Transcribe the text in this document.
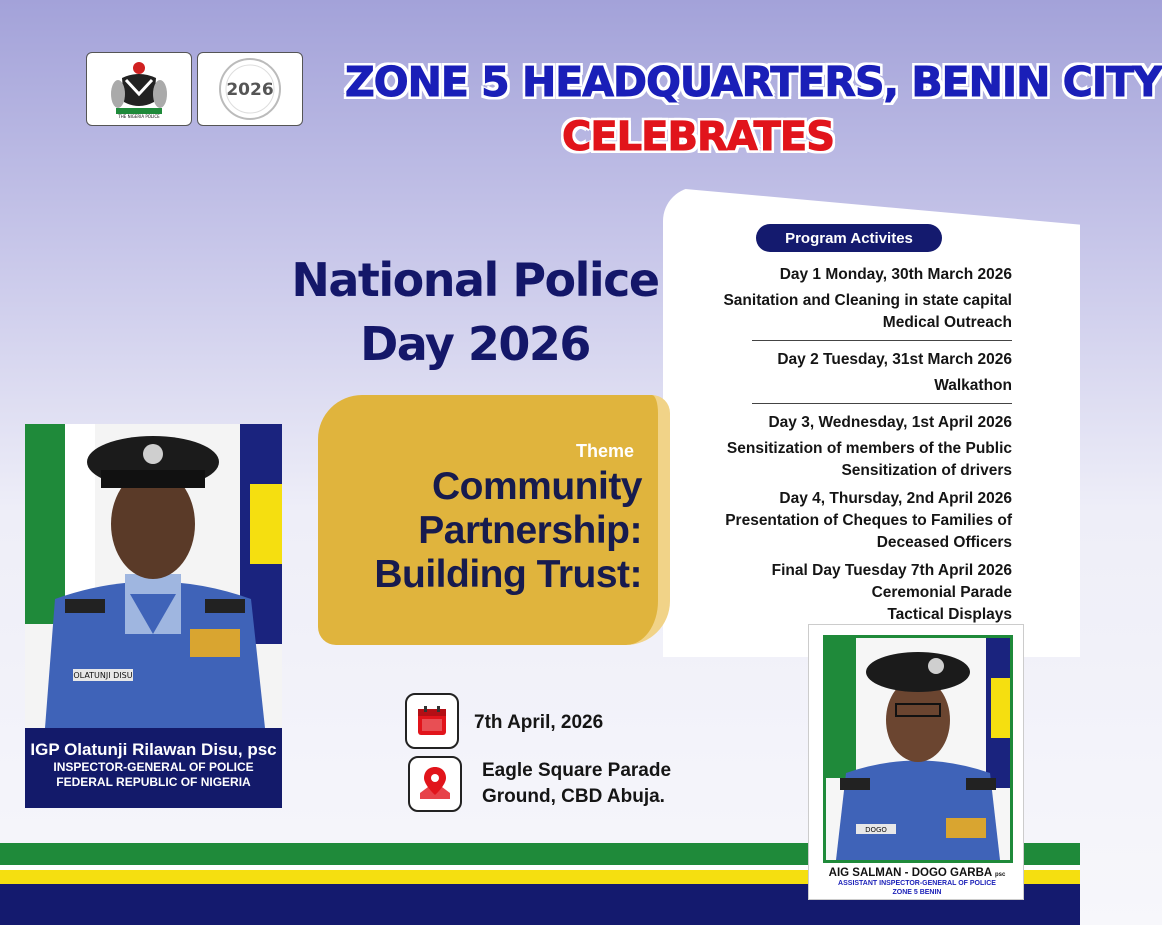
THE NIGERIA POLICE
2026 ZONE 5 HEADQUARTERS, BENIN CITY
CELEBRATES
Program Activites
Day 1 Monday, 30th March 2026
Sanitation and Cleaning in state capital
Medical Outreach
Day 2 Tuesday, 31st March 2026
Walkathon
Day 3, Wednesday, 1st April 2026
Sensitization of members of the Public
Sensitization of drivers
Day 4, Thursday, 2nd April 2026
Presentation of Cheques to Families of
Deceased Officers
Final Day Tuesday 7th April 2026
Ceremonial Parade
Tactical Displays
National Police
Day 2026
Theme
Community
Partnership:
Building Trust:
OLATUNJI DISU
IGP Olatunji Rilawan Disu, psc
INSPECTOR-GENERAL OF POLICE
FEDERAL REPUBLIC OF NIGERIA
7th April, 2026
Eagle Square Parade
Ground, CBD Abuja.
DOGO
AIG SALMAN - DOGO GARBA psc
ASSISTANT INSPECTOR-GENERAL OF POLICE
ZONE 5 BENIN
